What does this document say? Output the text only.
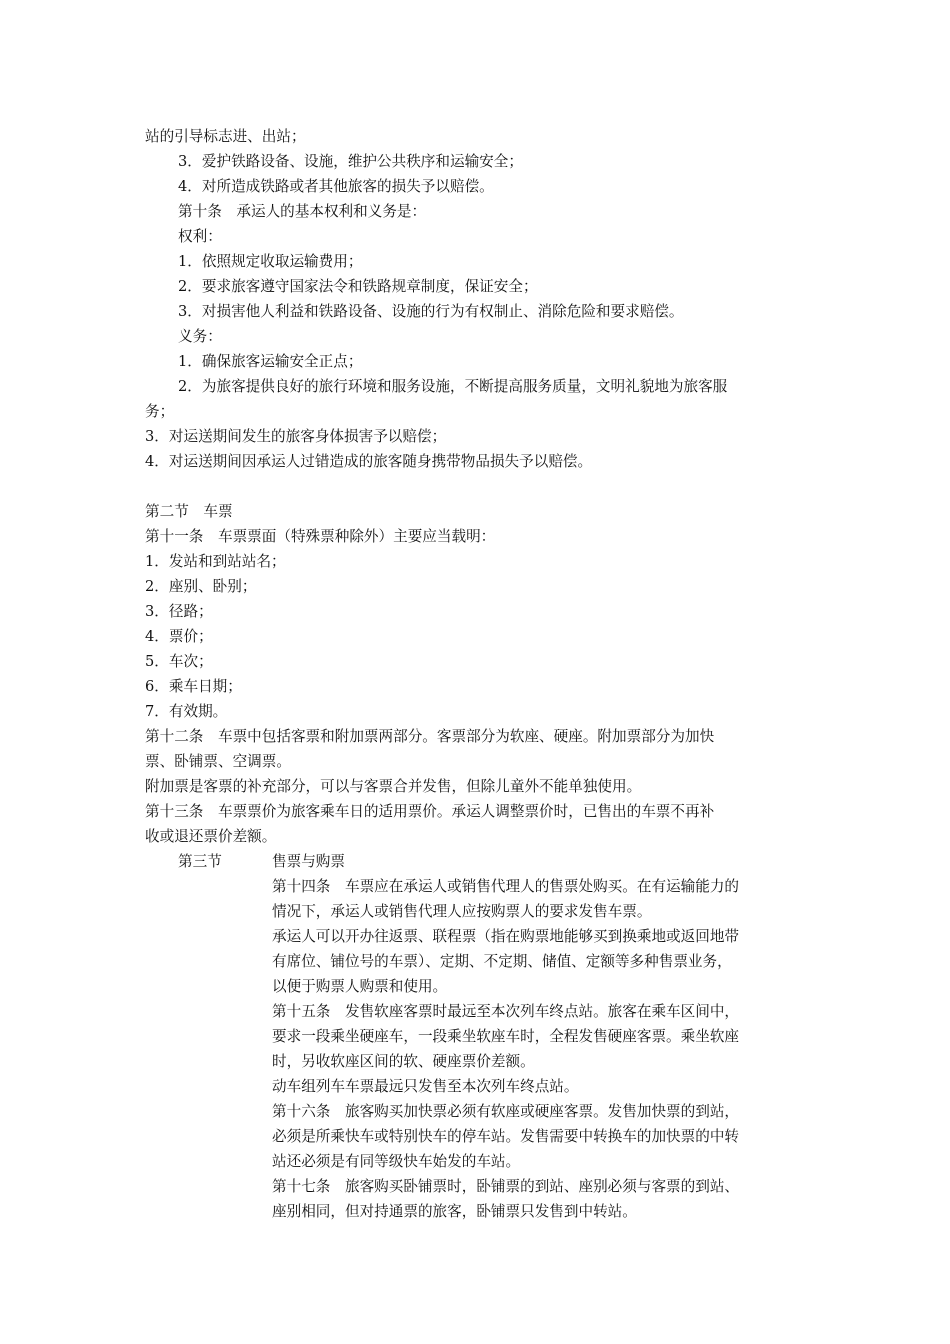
站的引导标志进、出站；

3．爱护铁路设备、设施，维护公共秩序和运输安全；

4．对所造成铁路或者其他旅客的损失予以赔偿。

第十条　承运人的基本权利和义务是：

权利：

1．依照规定收取运输费用；

2．要求旅客遵守国家法令和铁路规章制度，保证安全；

3．对损害他人利益和铁路设备、设施的行为有权制止、消除危险和要求赔偿。

义务：

1．确保旅客运输安全正点；

2．为旅客提供良好的旅行环境和服务设施，不断提高服务质量，文明礼貌地为旅客服

务；

3．对运送期间发生的旅客身体损害予以赔偿；

4．对运送期间因承运人过错造成的旅客随身携带物品损失予以赔偿。

第二节　车票

第十一条　车票票面（特殊票种除外）主要应当载明：

1．发站和到站站名；

2．座别、卧别；

3．径路；

4．票价；

5．车次；

6．乘车日期；

7．有效期。

第十二条　车票中包括客票和附加票两部分。客票部分为软座、硬座。附加票部分为加快

票、卧铺票、空调票。

附加票是客票的补充部分，可以与客票合并发售，但除儿童外不能单独使用。

第十三条　车票票价为旅客乘车日的适用票价。承运人调整票价时，已售出的车票不再补

收或退还票价差额。

第三节	售票与购票

第十四条　车票应在承运人或销售代理人的售票处购买。在有运输能力的

情况下，承运人或销售代理人应按购票人的要求发售车票。

承运人可以开办往返票、联程票（指在购票地能够买到换乘地或返回地带

有席位、铺位号的车票）、定期、不定期、储值、定额等多种售票业务，

以便于购票人购票和使用。

第十五条　发售软座客票时最远至本次列车终点站。旅客在乘车区间中，

要求一段乘坐硬座车，一段乘坐软座车时，全程发售硬座客票。乘坐软座

时，另收软座区间的软、硬座票价差额。

动车组列车车票最远只发售至本次列车终点站。

第十六条　旅客购买加快票必须有软座或硬座客票。发售加快票的到站，

必须是所乘快车或特别快车的停车站。发售需要中转换车的加快票的中转

站还必须是有同等级快车始发的车站。

第十七条　旅客购买卧铺票时，卧铺票的到站、座别必须与客票的到站、

座别相同，但对持通票的旅客，卧铺票只发售到中转站。
